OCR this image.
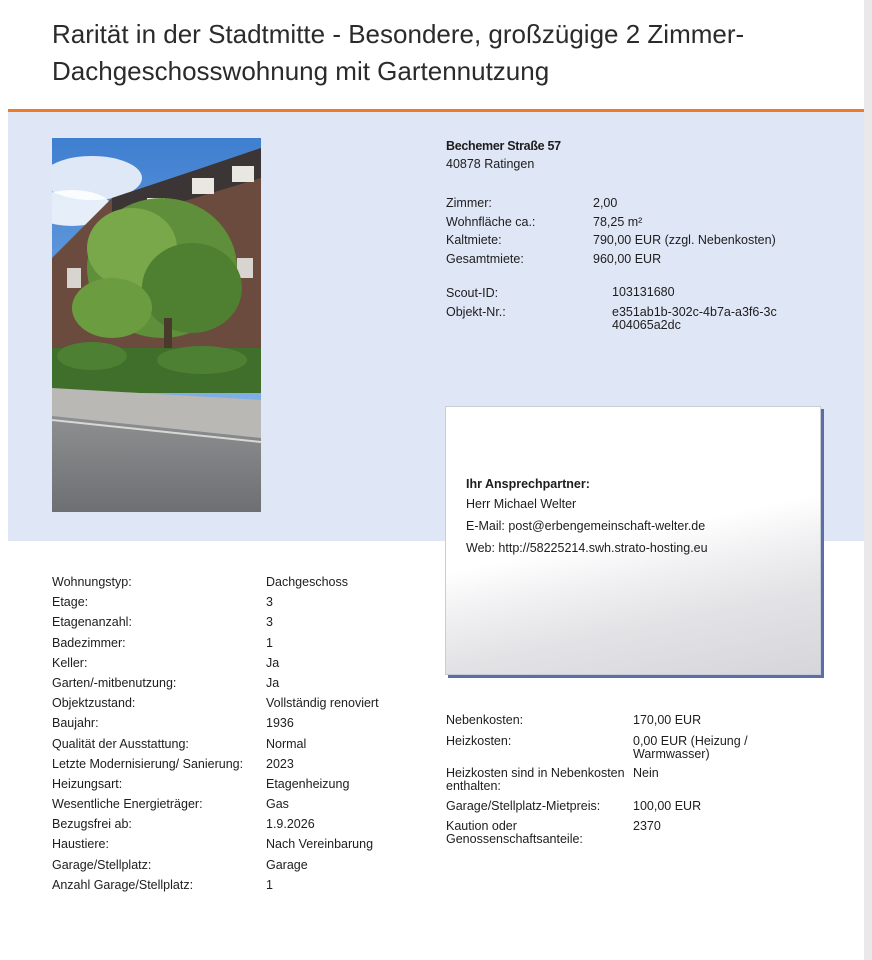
Rarität in der Stadtmitte - Besondere, großzügige 2 Zimmer-Dachgeschosswohnung mit Gartennutzung
Bechemer Straße 57
40878 Ratingen
Zimmer:	2,00
Wohnfläche ca.:	78,25 m²
Kaltmiete:	790,00 EUR (zzgl. Nebenkosten)
Gesamtmiete:	960,00 EUR
Scout-ID:	103131680
Objekt-Nr.:	e351ab1b-302c-4b7a-a3f6-3c404065a2dc
Ihr Ansprechpartner:
Herr Michael Welter
E-Mail: post@erbengemeinschaft-welter.de
Web: http://58225214.swh.strato-hosting.eu
Wohnungstyp:	Dachgeschoss
Etage:	3
Etagenanzahl:	3
Badezimmer:	1
Keller:	Ja
Garten/-mitbenutzung:	Ja
Objektzustand:	Vollständig renoviert
Baujahr:	1936
Qualität der Ausstattung:	Normal
Letzte Modernisierung/ Sanierung: 2023
Heizungsart:	Etagenheizung
Wesentliche Energieträger:	Gas
Bezugsfrei ab:	1.9.2026
Haustiere:	Nach Vereinbarung
Garage/Stellplatz:	Garage
Anzahl Garage/Stellplatz:	1
Nebenkosten:	170,00 EUR
Heizkosten:	0,00 EUR (Heizung / Warmwasser)
Heizkosten sind in Nebenkosten enthalten:
Nein
Garage/Stellplatz-Mietpreis:	100,00 EUR
Kaution oder Genossenschaftsanteile:
2370
